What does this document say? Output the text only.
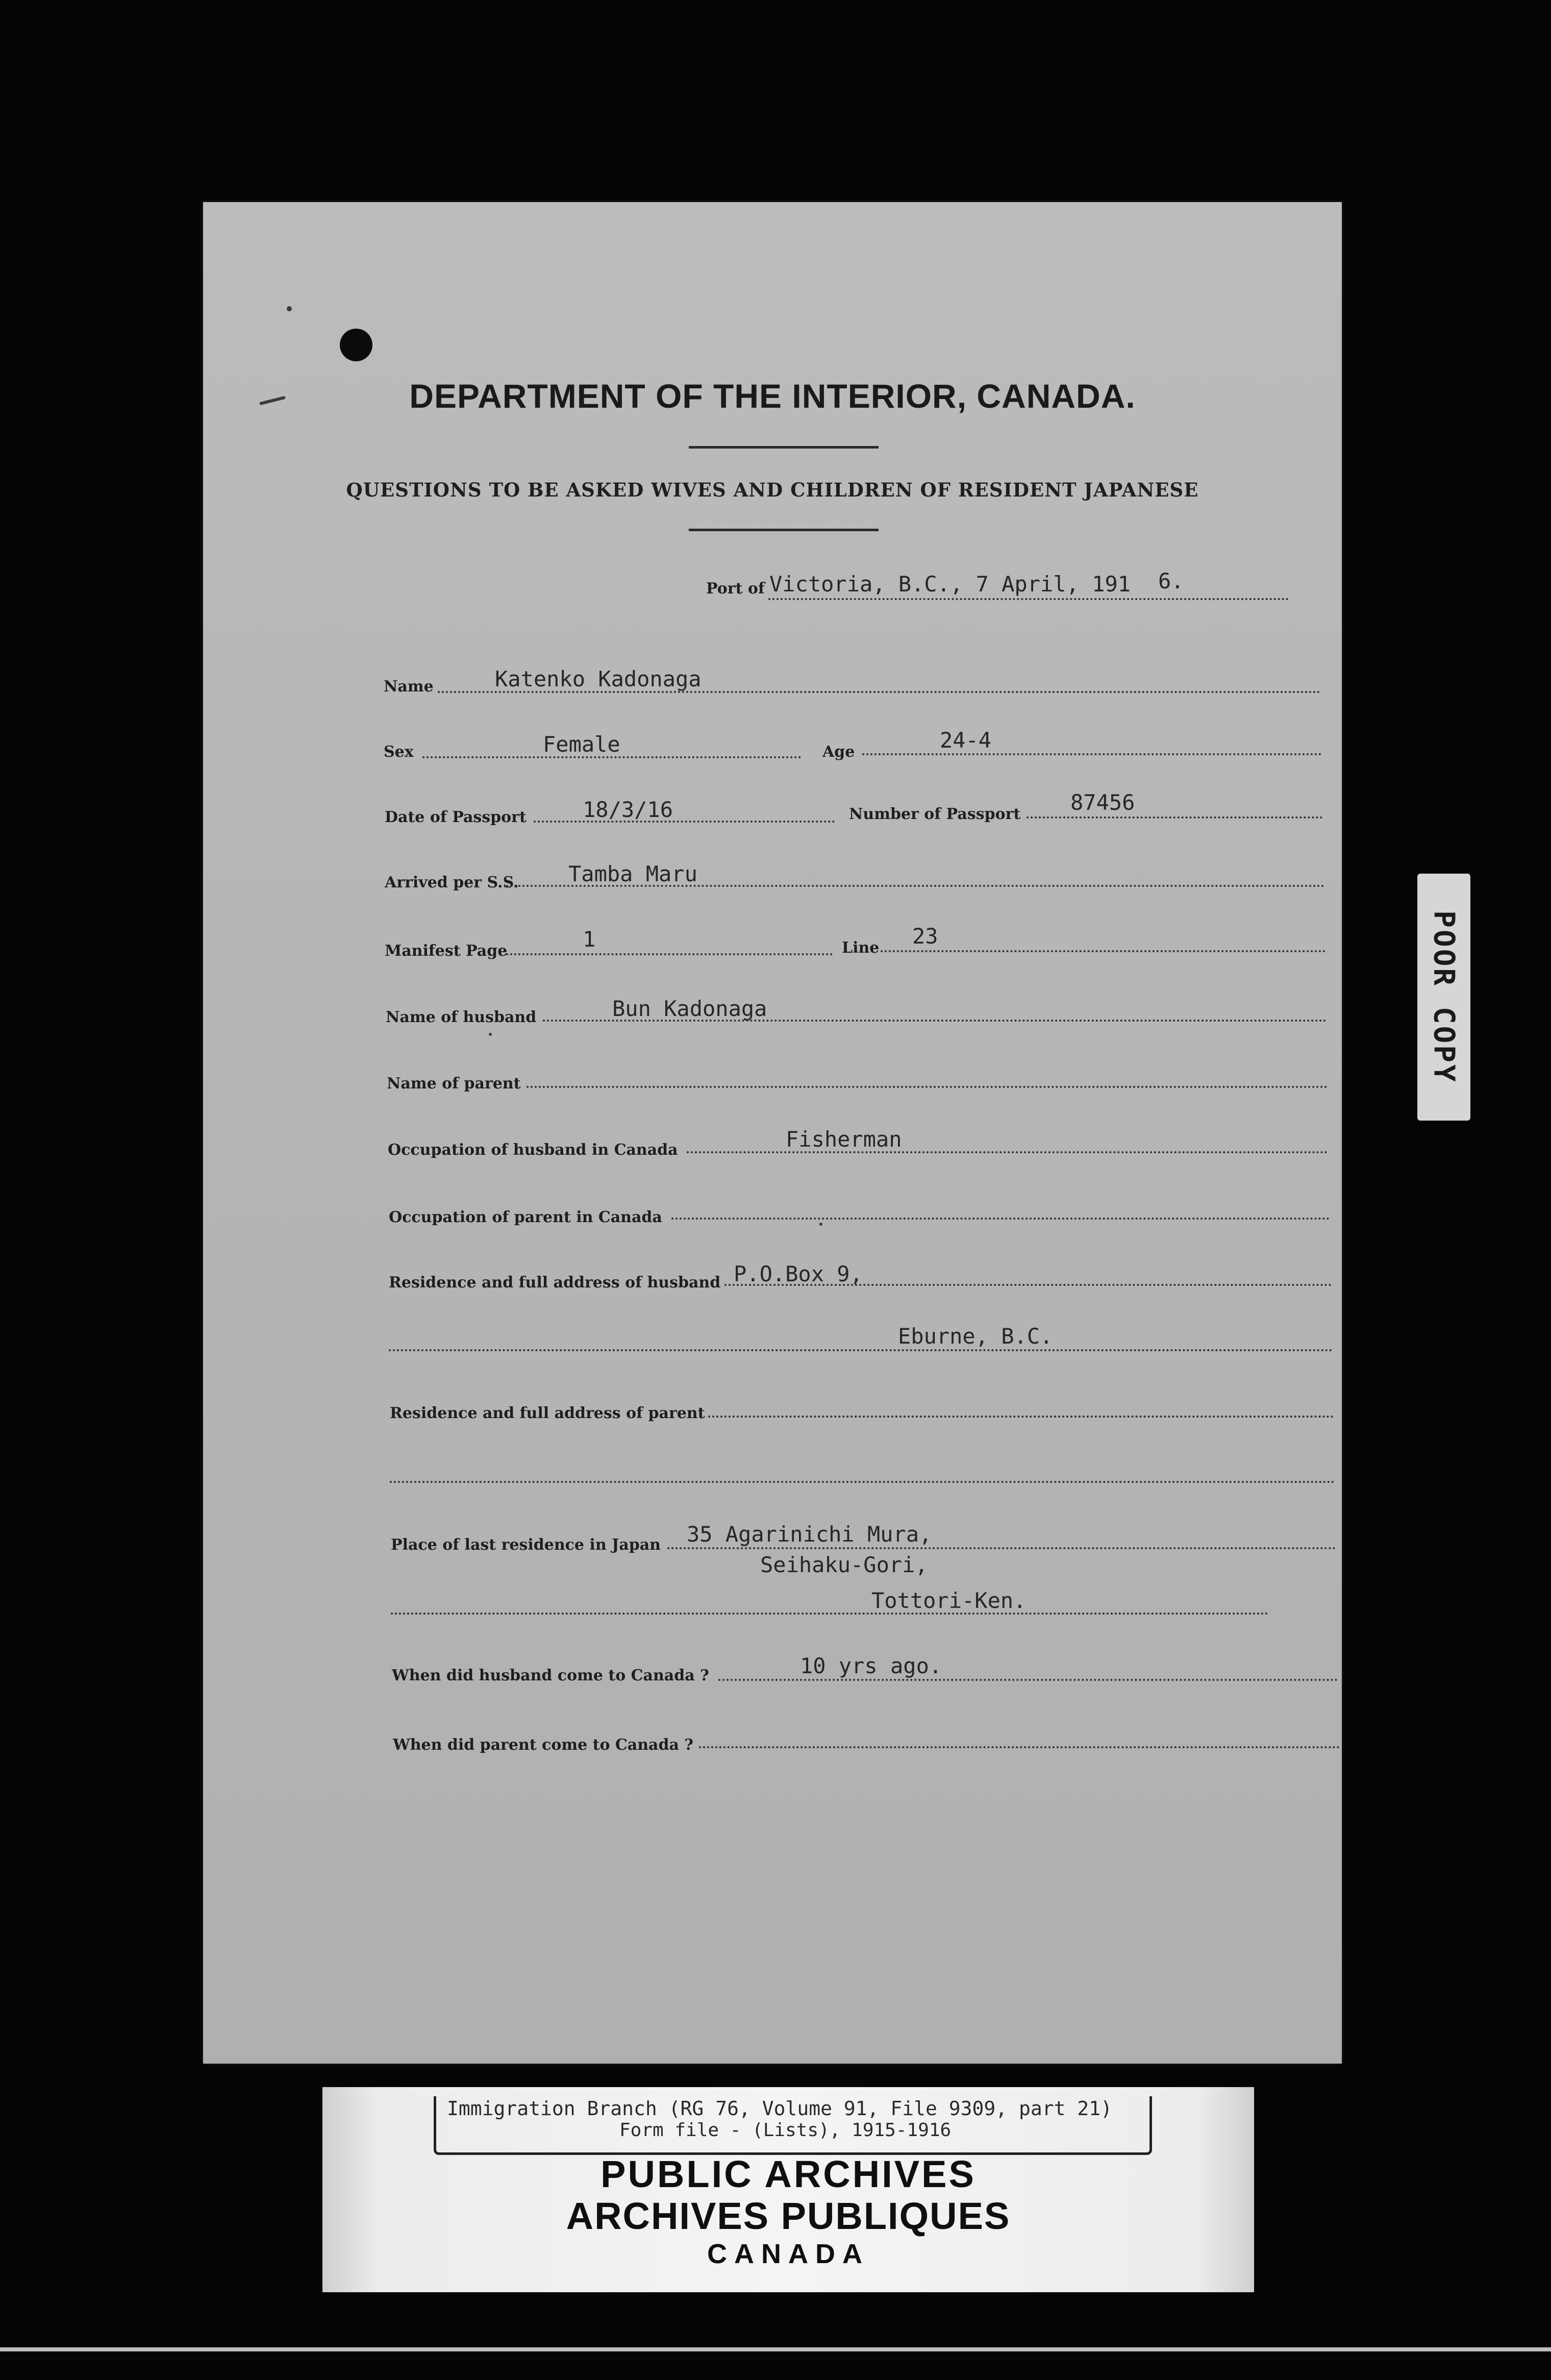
DEPARTMENT OF THE INTERIOR, CANADA.
QUESTIONS TO BE ASKED WIVES AND CHILDREN OF RESIDENT JAPANESE
Port of Victoria, B.C., 7 April, 191 6.
Name	Katenko Kadonaga
Sex	Female	Age	24-4
Date of Passport	18/3/16	Number of Passport 87456
Arrived per S.S. Tamba Maru
Manifest Page	1	Line 23
Name of husband	Bun Kadonaga
Name of parent
Occupation of husband in Canada	Fisherman
Occupation of parent in Canada
Residence and full address of husband P.O.Box 9,
Eburne, B.C.
Residence and full address of parent
Place of last residence in Japan 35 Agarinichi Mura,
Seihaku-Gori,
Tottori-Ken.
When did husband come to Canada ?	10 yrs ago.
When did parent come to Canada ?
POOR COPY
Immigration Branch (RG 76, Volume 91, File 9309, part 21)
Form file - (Lists), 1915-1916
PUBLIC ARCHIVES
ARCHIVES PUBLIQUES
CANADA
